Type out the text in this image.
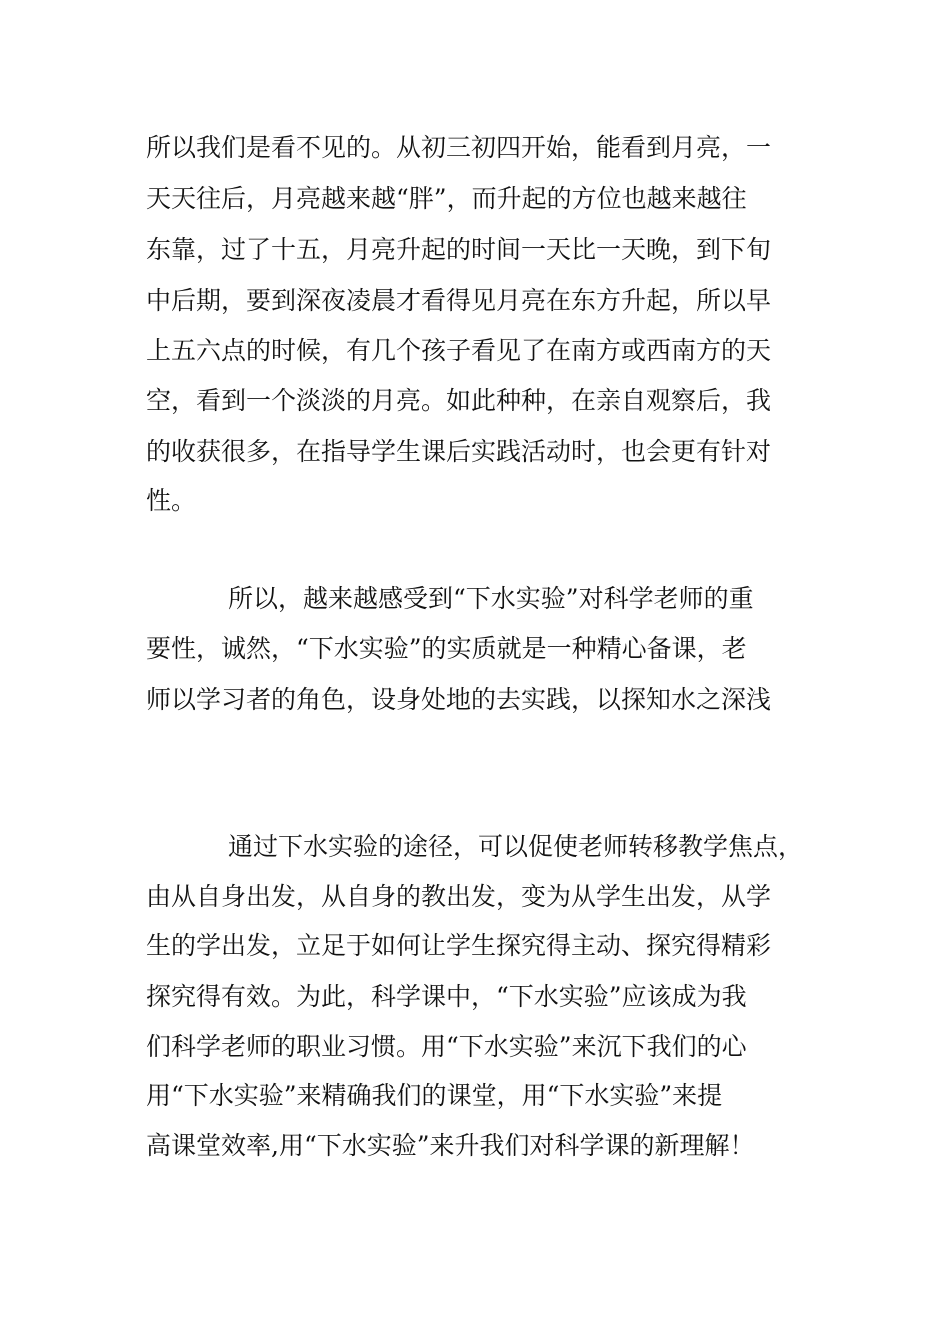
所以我们是看不见的。从初三初四开始，能看到月亮，一

天天往后，月亮越来越“胖”，而升起的方位也越来越往

东靠，过了十五，月亮升起的时间一天比一天晚，到下旬

中后期，要到深夜凌晨才看得见月亮在东方升起，所以早

上五六点的时候，有几个孩子看见了在南方或西南方的天

空，看到一个淡淡的月亮。如此种种，在亲自观察后，我

的收获很多，在指导学生课后实践活动时，也会更有针对

性。

所以，越来越感受到“下水实验”对科学老师的重

要性，诚然，“下水实验”的实质就是一种精心备课，老

师以学习者的角色，设身处地的去实践，以探知水之深浅

通过下水实验的途径，可以促使老师转移教学焦点，

由从自身出发，从自身的教出发，变为从学生出发，从学

生的学出发，立足于如何让学生探究得主动、探究得精彩

探究得有效。为此，科学课中，“下水实验”应该成为我

们科学老师的职业习惯。用“下水实验”来沉下我们的心

用“下水实验”来精确我们的课堂，用“下水实验”来提

高课堂效率,用“下水实验”来升我们对科学课的新理解！
